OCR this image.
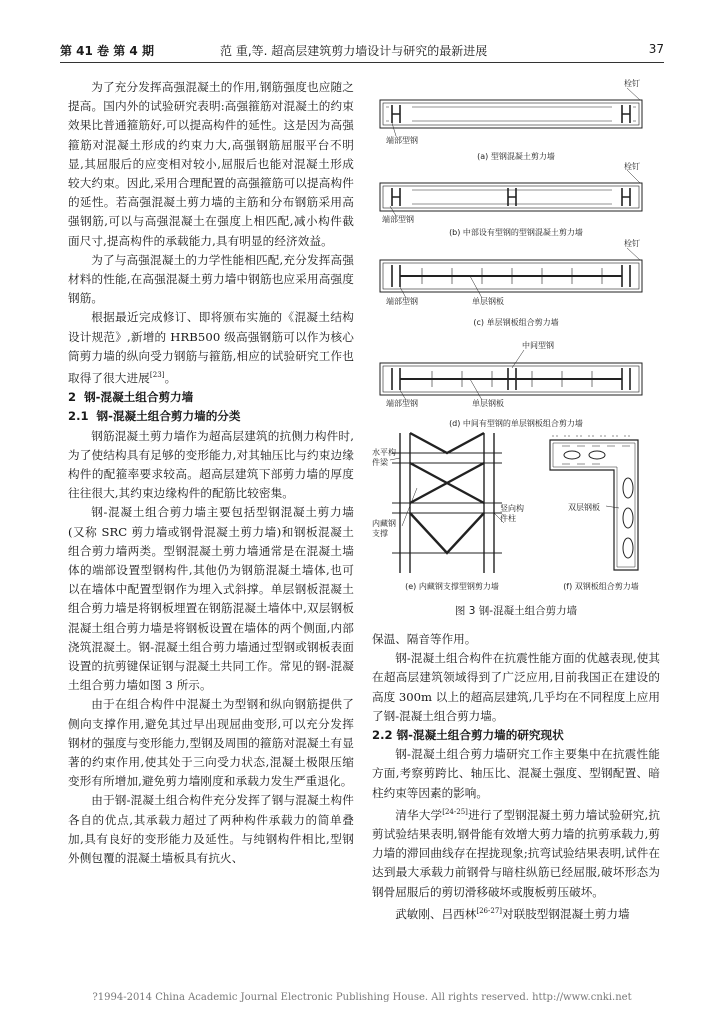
第 41 卷 第 4 期	范 重,等. 超高层建筑剪力墙设计与研究的最新进展	37

为了充分发挥高强混凝土的作用,钢筋强度也应随之提高。国内外的试验研究表明:高强箍筋对混凝土的约束效果比普通箍筋好,可以提高构件的延性。这是因为高强箍筋对混凝土形成的约束力大,高强钢筋屈服平台不明显,其屈服后的应变相对较小,屈服后也能对混凝土形成较大约束。因此,采用合理配置的高强箍筋可以提高构件的延性。若高强混凝土剪力墙的主筋和分布钢筋采用高强钢筋,可以与高强混凝土在强度上相匹配,减小构件截面尺寸,提高构件的承载能力,具有明显的经济效益。

为了与高强混凝土的力学性能相匹配,充分发挥高强材料的性能,在高强混凝土剪力墙中钢筋也应采用高强度钢筋。

根据最近完成修订、即将颁布实施的《混凝土结构设计规范》,新增的 HRB500 级高强钢筋可以作为核心筒剪力墙的纵向受力钢筋与箍筋,相应的试验研究工作也取得了很大进展[23]。

2 钢-混凝土组合剪力墙
2.1 钢-混凝土组合剪力墙的分类

钢筋混凝土剪力墙作为超高层建筑的抗侧力构件时,为了使结构具有足够的变形能力,对其轴压比与约束边缘构件的配箍率要求较高。超高层建筑下部剪力墙的厚度往往很大,其约束边缘构件的配筋比较密集。

钢-混凝土组合剪力墙主要包括型钢混凝土剪力墙(又称 SRC 剪力墙或钢骨混凝土剪力墙)和钢板混凝土组合剪力墙两类。型钢混凝土剪力墙通常是在混凝土墙体的端部设置型钢构件,其他仍为钢筋混凝土墙体,也可以在墙体中配置型钢作为埋入式斜撑。单层钢板混凝土组合剪力墙是将钢板埋置在钢筋混凝土墙体中,双层钢板混凝土组合剪力墙是将钢板设置在墙体的两个侧面,内部浇筑混凝土。钢-混凝土组合剪力墙通过型钢或钢板表面设置的抗剪键保证钢与混凝土共同工作。常见的钢-混凝土组合剪力墙如图 3 所示。

由于在组合构件中混凝土为型钢和纵向钢筋提供了侧向支撑作用,避免其过早出现屈曲变形,可以充分发挥钢材的强度与变形能力,型钢及周围的箍筋对混凝土有显著的约束作用,使其处于三向受力状态,混凝土极限压缩变形有所增加,避免剪力墙刚度和承载力发生严重退化。

由于钢-混凝土组合构件充分发挥了钢与混凝土构件各自的优点,其承载力超过了两种构件承载力的简单叠加,具有良好的变形能力及延性。与纯钢构件相比,型钢外侧包覆的混凝土墙板具有抗火、

栓钉
端部型钢
(a) 型钢混凝土剪力墙
栓钉
端部型钢
(b) 中部设有型钢的型钢混凝土剪力墙
栓钉
端部型钢	单层钢板
(c) 单层钢板组合剪力墙
中间型钢
端部型钢	单层钢板
(d) 中间有型钢的单层钢板组合剪力墙
水平构
件梁
竖向构
件柱
内藏钢
支撑
双层钢板
(e) 内藏钢支撑型钢剪力墙	(f) 双钢板组合剪力墙
图 3 钢-混凝土组合剪力墙

保温、隔音等作用。

钢-混凝土组合构件在抗震性能方面的优越表现,使其在超高层建筑领域得到了广泛应用,目前我国正在建设的高度 300m 以上的超高层建筑,几乎均在不同程度上应用了钢-混凝土组合剪力墙。

2.2 钢-混凝土组合剪力墙的研究现状

钢-混凝土组合剪力墙研究工作主要集中在抗震性能方面,考察剪跨比、轴压比、混凝土强度、型钢配置、暗柱约束等因素的影响。

清华大学[24-25]进行了型钢混凝土剪力墙试验研究,抗剪试验结果表明,钢骨能有效增大剪力墙的抗剪承载力,剪力墙的滞回曲线存在捏拢现象;抗弯试验结果表明,试件在达到最大承载力前钢骨与暗柱纵筋已经屈服,破坏形态为钢骨屈服后的剪切滑移破坏或腹板剪压破坏。

武敏刚、吕西林[26-27]对联肢型钢混凝土剪力墙

?1994-2014 China Academic Journal Electronic Publishing House. All rights reserved. http://www.cnki.net
